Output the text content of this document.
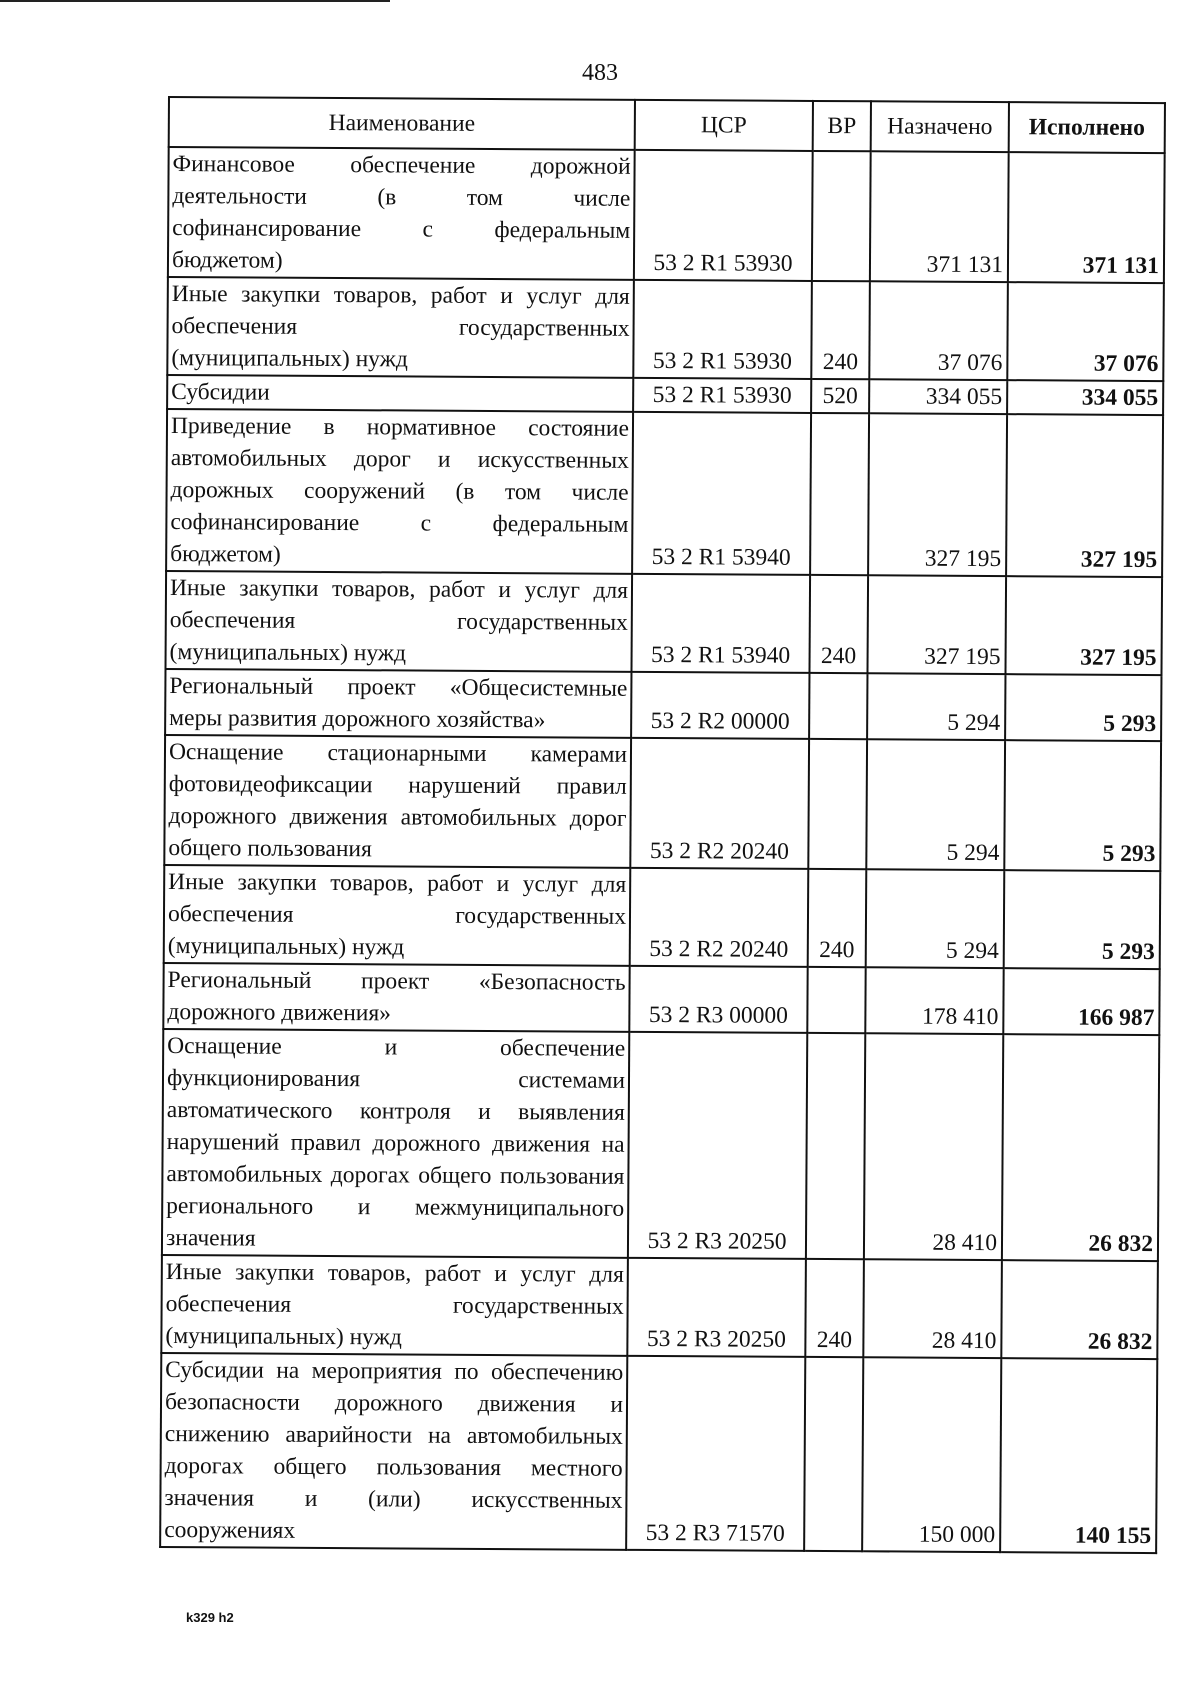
483
Наименование	ЦСР	ВР	Назначено	Исполнено
Финансовое обеспечение дорожной деятельности (в том числе софинансирование с федеральным бюджетом)	53 2 R1 53930		371 131	371 131
Иные закупки товаров, работ и услуг для обеспечения государственных (муниципальных) нужд	53 2 R1 53930	240	37 076	37 076
Субсидии	53 2 R1 53930	520	334 055	334 055
Приведение в нормативное состояние автомобильных дорог и искусственных дорожных сооружений (в том числе софинансирование с федеральным бюджетом)	53 2 R1 53940		327 195	327 195
Иные закупки товаров, работ и услуг для обеспечения государственных (муниципальных) нужд	53 2 R1 53940	240	327 195	327 195
Региональный проект «Общесистемные меры развития дорожного хозяйства»	53 2 R2 00000		5 294	5 293
Оснащение стационарными камерами фотовидеофиксации нарушений правил дорожного движения автомобильных дорог общего пользования	53 2 R2 20240		5 294	5 293
Иные закупки товаров, работ и услуг для обеспечения государственных (муниципальных) нужд	53 2 R2 20240	240	5 294	5 293
Региональный проект «Безопасность дорожного движения»	53 2 R3 00000		178 410	166 987
Оснащение и обеспечение функционирования системами автоматического контроля и выявления нарушений правил дорожного движения на автомобильных дорогах общего пользования регионального и межмуниципального значения	53 2 R3 20250		28 410	26 832
Иные закупки товаров, работ и услуг для обеспечения государственных (муниципальных) нужд	53 2 R3 20250	240	28 410	26 832
Субсидии на мероприятия по обеспечению безопасности дорожного движения и снижению аварийности на автомобильных дорогах общего пользования местного значения и (или) искусственных сооружениях	53 2 R3 71570		150 000	140 155
k329 h2
